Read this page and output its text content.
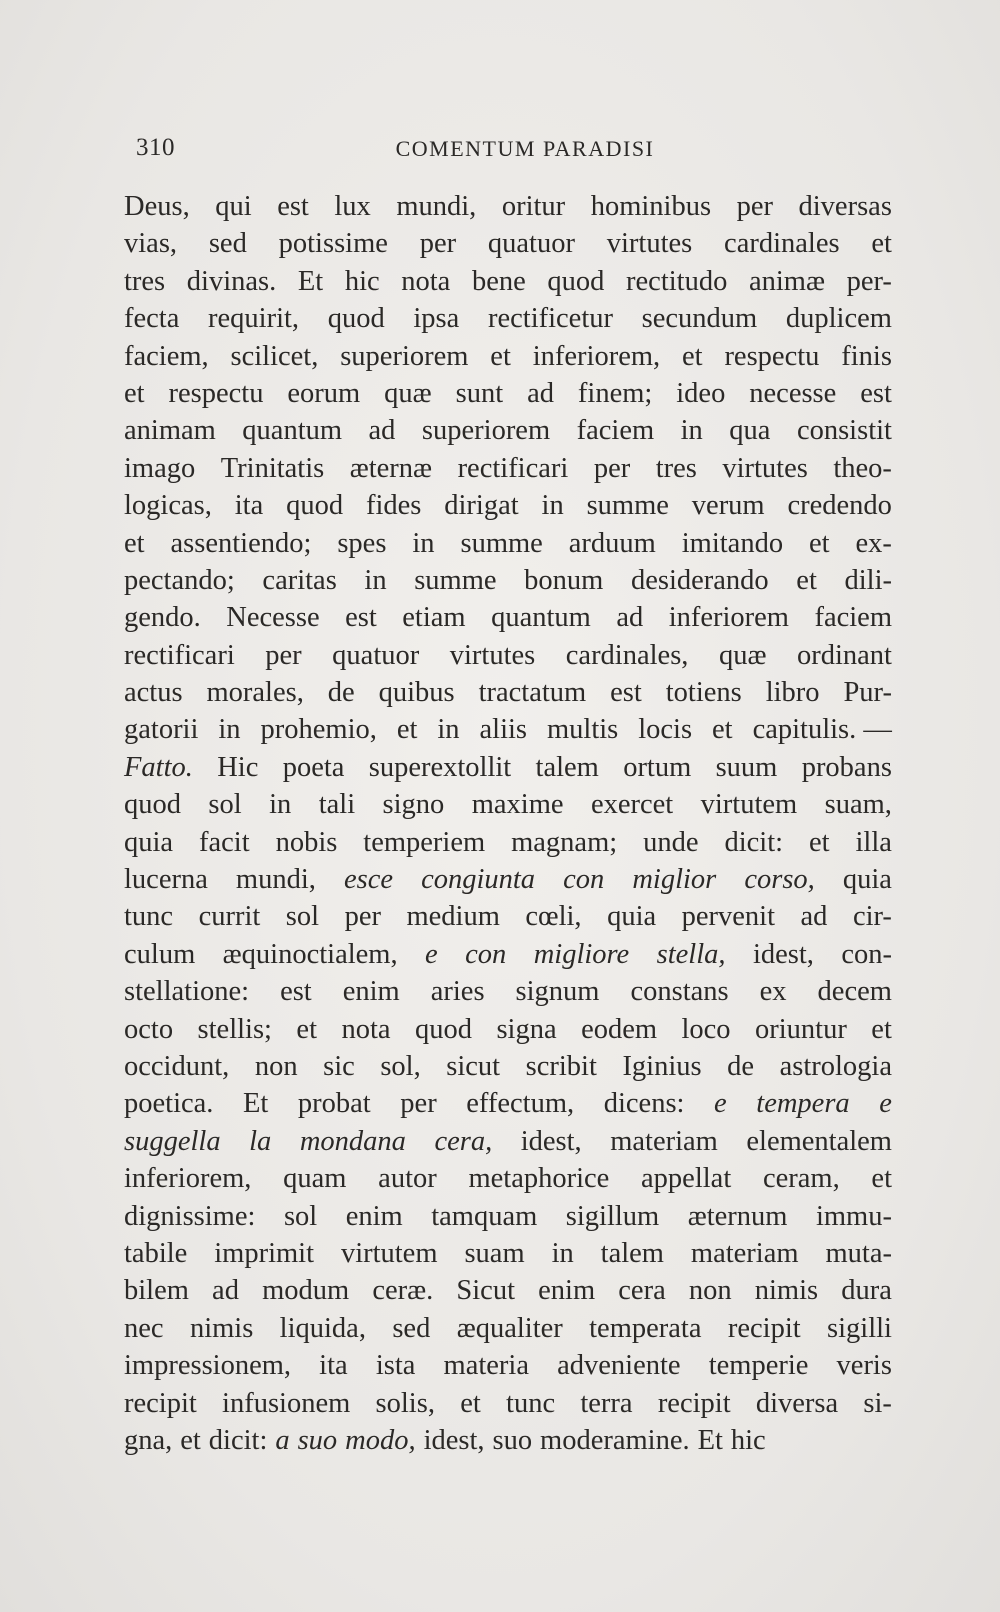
310	COMENTUM PARADISI
Deus, qui est lux mundi, oritur hominibus per diversas
vias, sed potissime per quatuor virtutes cardinales et
tres divinas. Et hic nota bene quod rectitudo animæ per-
fecta requirit, quod ipsa rectificetur secundum duplicem
faciem, scilicet, superiorem et inferiorem, et respectu finis
et respectu eorum quæ sunt ad finem; ideo necesse est
animam quantum ad superiorem faciem in qua consistit
imago Trinitatis æternæ rectificari per tres virtutes theo-
logicas, ita quod fides dirigat in summe verum credendo
et assentiendo; spes in summe arduum imitando et ex-
pectando; caritas in summe bonum desiderando et dili-
gendo. Necesse est etiam quantum ad inferiorem faciem
rectificari per quatuor virtutes cardinales, quæ ordinant
actus morales, de quibus tractatum est totiens libro Pur-
gatorii in prohemio, et in aliis multis locis et capitulis. —
Fatto. Hic poeta superextollit talem ortum suum probans
quod sol in tali signo maxime exercet virtutem suam,
quia facit nobis temperiem magnam; unde dicit: et illa
lucerna mundi, esce congiunta con miglior corso, quia
tunc currit sol per medium cœli, quia pervenit ad cir-
culum æquinoctialem, e con migliore stella, idest, con-
stellatione: est enim aries signum constans ex decem
octo stellis; et nota quod signa eodem loco oriuntur et
occidunt, non sic sol, sicut scribit Iginius de astrologia
poetica. Et probat per effectum, dicens: e tempera e
suggella la mondana cera, idest, materiam elementalem
inferiorem, quam autor metaphorice appellat ceram, et
dignissime: sol enim tamquam sigillum æternum immu-
tabile imprimit virtutem suam in talem materiam muta-
bilem ad modum ceræ. Sicut enim cera non nimis dura
nec nimis liquida, sed æqualiter temperata recipit sigilli
impressionem, ita ista materia adveniente temperie veris
recipit infusionem solis, et tunc terra recipit diversa si-
gna, et dicit: a suo modo, idest, suo moderamine. Et hic
